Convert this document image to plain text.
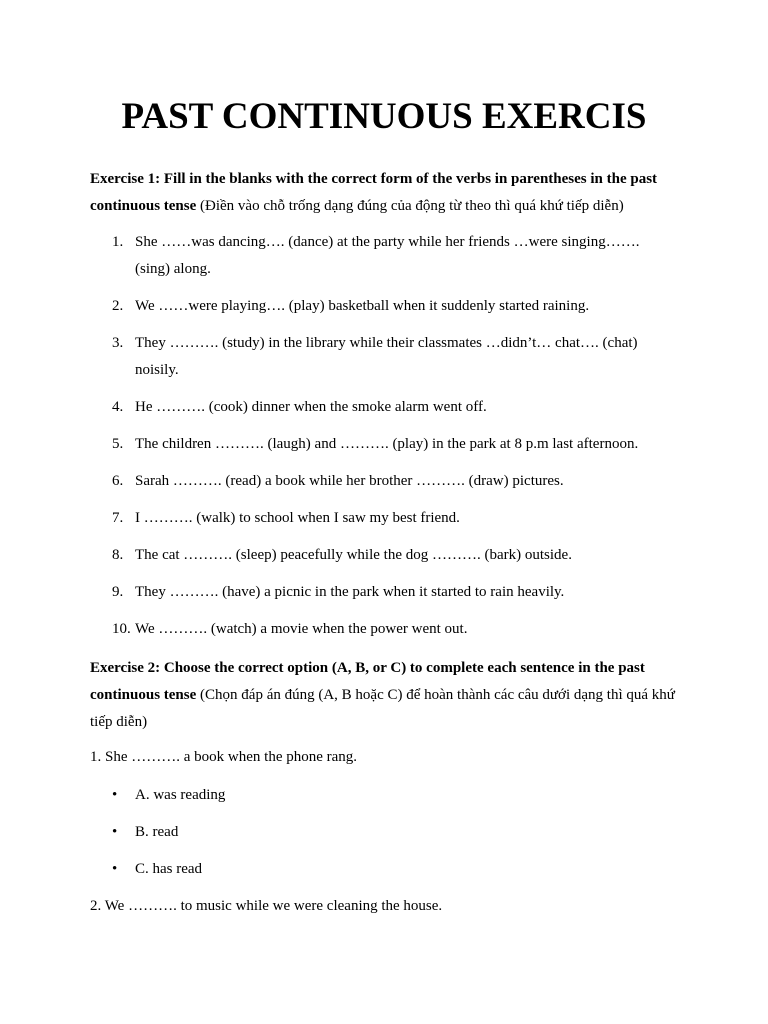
PAST CONTINUOUS EXERCIS

Exercise 1: Fill in the blanks with the correct form of the verbs in parentheses in the past continuous tense (Điền vào chỗ trống dạng đúng của động từ theo thì quá khứ tiếp diễn)

1. She ……was dancing…. (dance) at the party while her friends …were singing……. (sing) along.
2. We ……were playing…. (play) basketball when it suddenly started raining.
3. They ………. (study) in the library while their classmates …didn’t… chat…. (chat) noisily.
4. He ………. (cook) dinner when the smoke alarm went off.
5. The children ………. (laugh) and ………. (play) in the park at 8 p.m last afternoon.
6. Sarah ………. (read) a book while her brother ………. (draw) pictures.
7. I ………. (walk) to school when I saw my best friend.
8. The cat ………. (sleep) peacefully while the dog ………. (bark) outside.
9. They ………. (have) a picnic in the park when it started to rain heavily.
10. We ………. (watch) a movie when the power went out.

Exercise 2: Choose the correct option (A, B, or C) to complete each sentence in the past continuous tense (Chọn đáp án đúng (A, B hoặc C) để hoàn thành các câu dưới dạng thì quá khứ tiếp diễn)

1. She ………. a book when the phone rang.

• A. was reading
• B. read
• C. has read

2. We ………. to music while we were cleaning the house.
